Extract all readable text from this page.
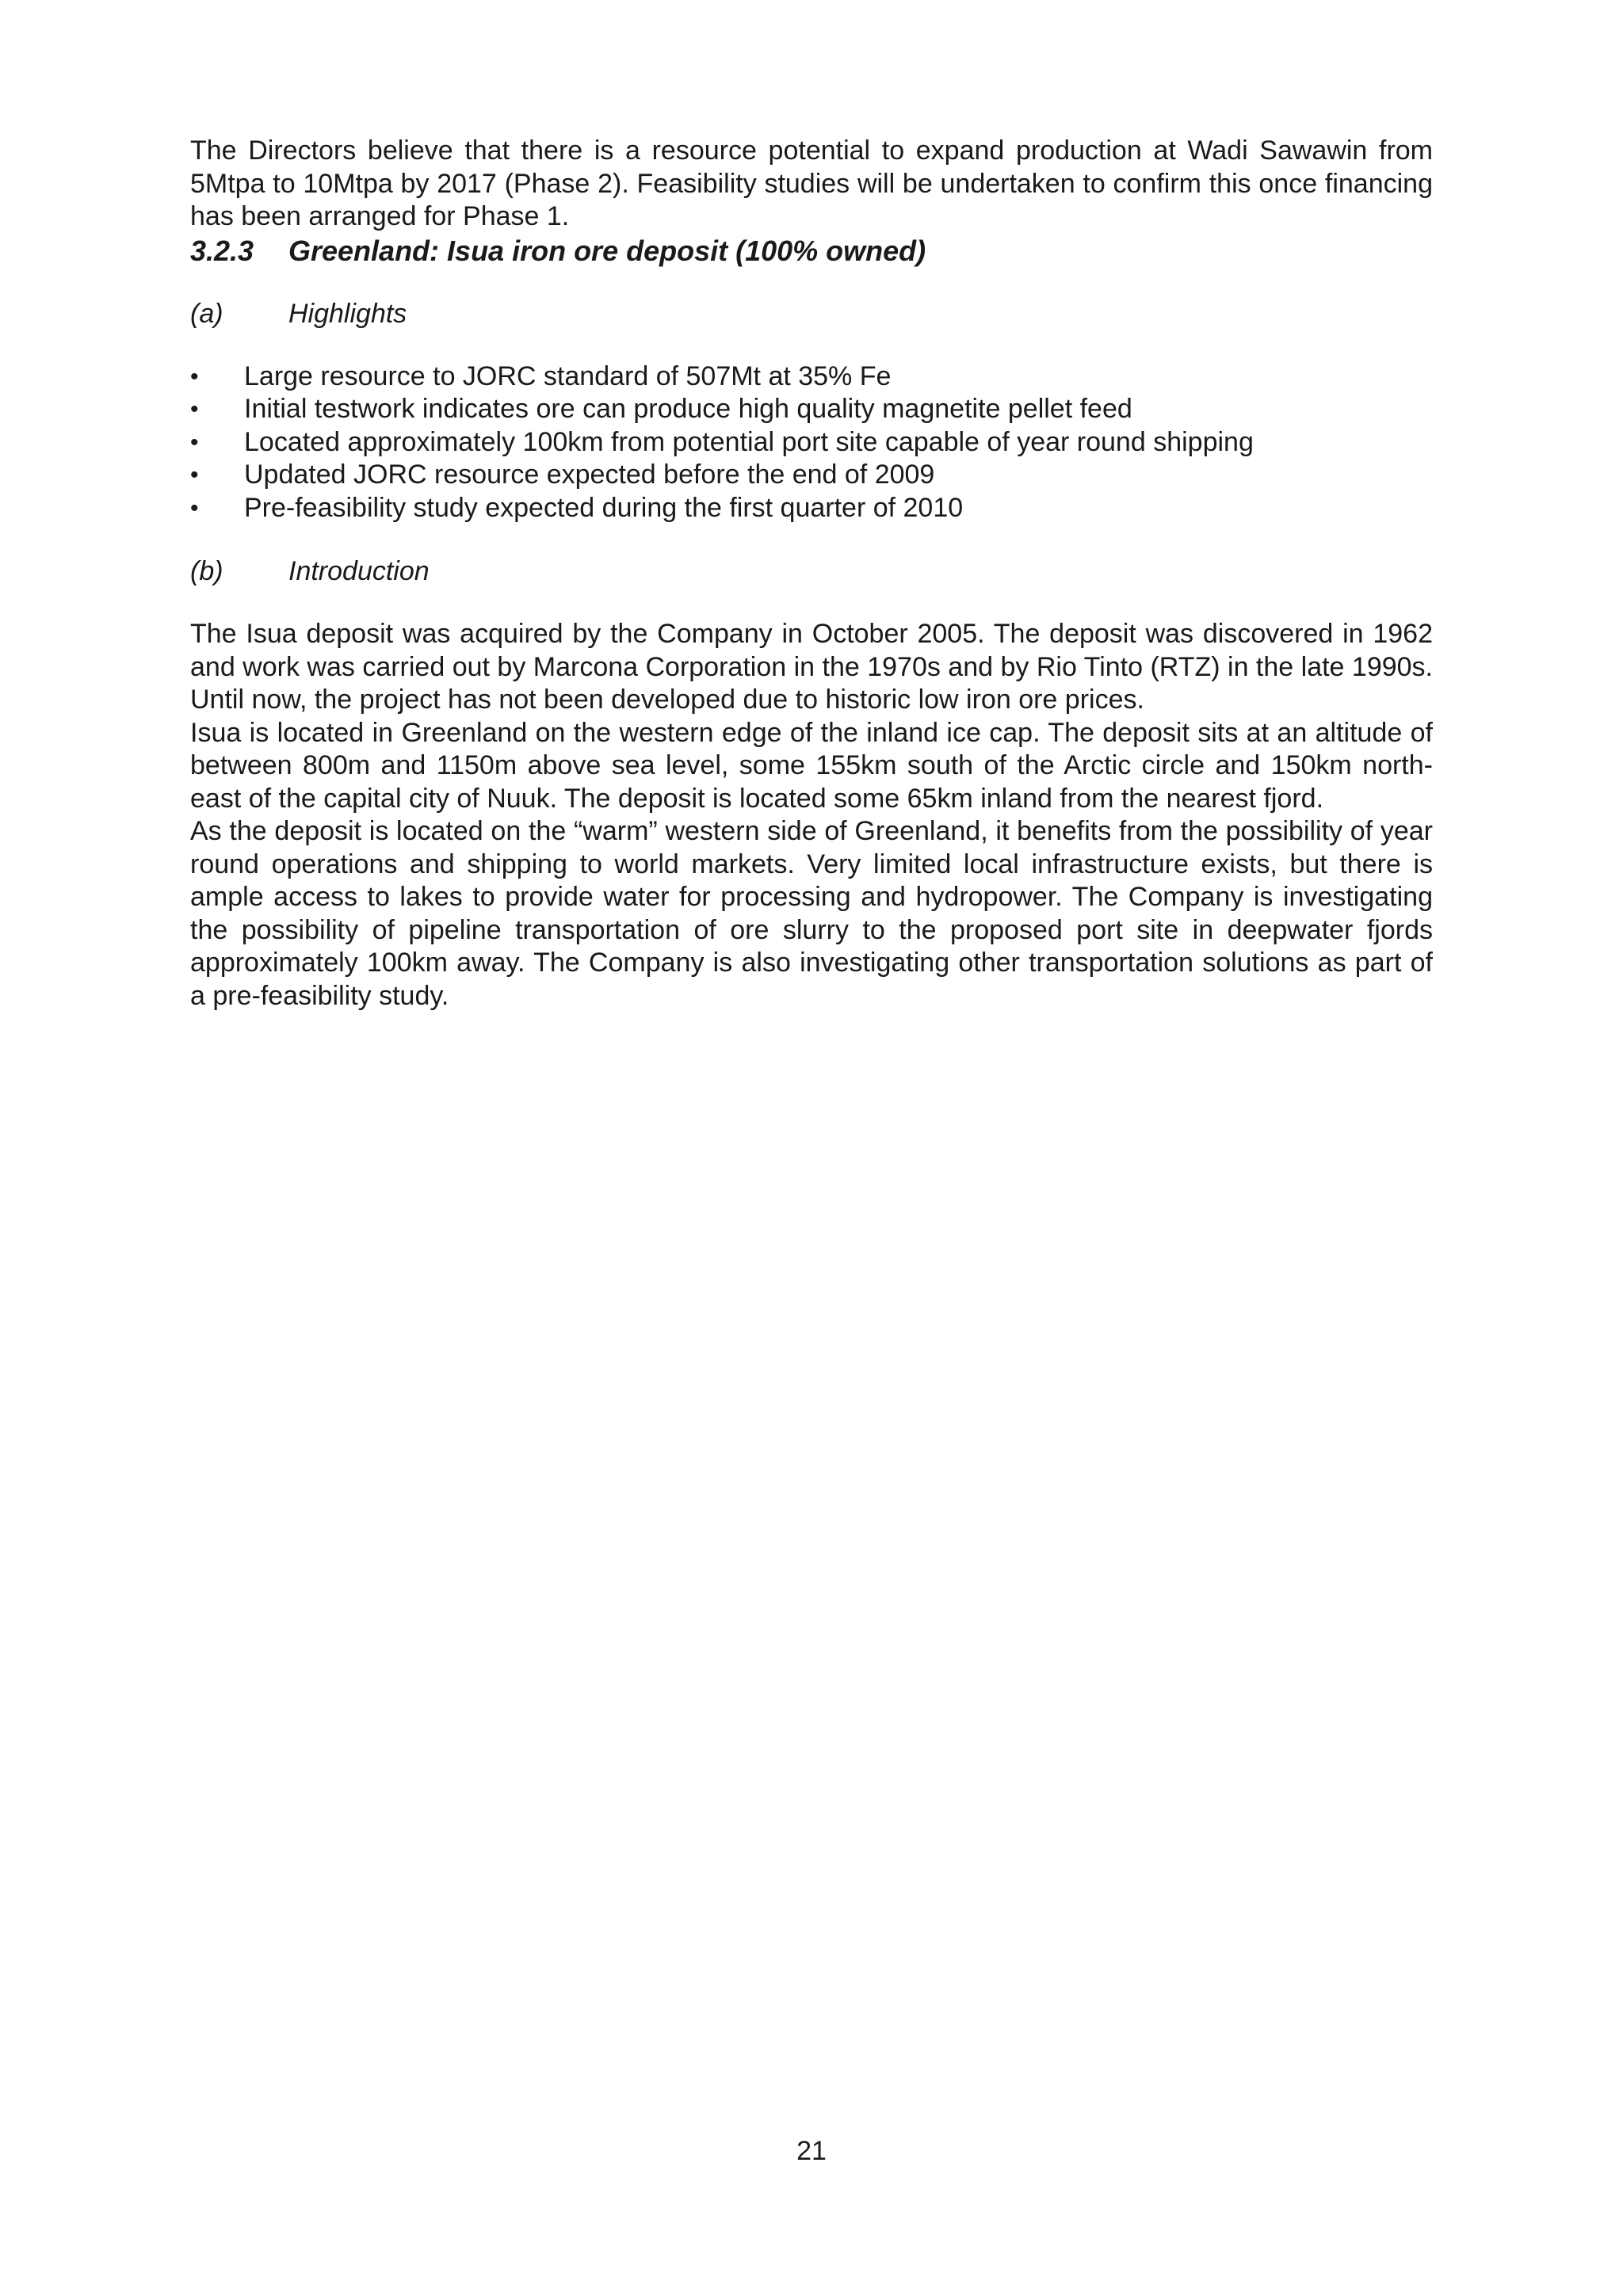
The Directors believe that there is a resource potential to expand production at Wadi Sawawin from 5Mtpa to 10Mtpa by 2017 (Phase 2). Feasibility studies will be undertaken to confirm this once financing has been arranged for Phase 1.

3.2.3	Greenland: Isua iron ore deposit (100% owned)
(a)	Highlights
•	Large resource to JORC standard of 507Mt at 35% Fe
•	Initial testwork indicates ore can produce high quality magnetite pellet feed
•	Located approximately 100km from potential port site capable of year round shipping
•	Updated JORC resource expected before the end of 2009
•	Pre-feasibility study expected during the first quarter of 2010
(b)	Introduction

The Isua deposit was acquired by the Company in October 2005. The deposit was discovered in 1962 and work was carried out by Marcona Corporation in the 1970s and by Rio Tinto (RTZ) in the late 1990s. Until now, the project has not been developed due to historic low iron ore prices.

Isua is located in Greenland on the western edge of the inland ice cap. The deposit sits at an altitude of between 800m and 1150m above sea level, some 155km south of the Arctic circle and 150km north-east of the capital city of Nuuk. The deposit is located some 65km inland from the nearest fjord.

As the deposit is located on the “warm” western side of Greenland, it benefits from the possibility of year round operations and shipping to world markets. Very limited local infrastructure exists, but there is ample access to lakes to provide water for processing and hydropower. The Company is investigating the possibility of pipeline transportation of ore slurry to the proposed port site in deepwater fjords approximately 100km away. The Company is also investigating other transportation solutions as part of a pre-feasibility study.

21
